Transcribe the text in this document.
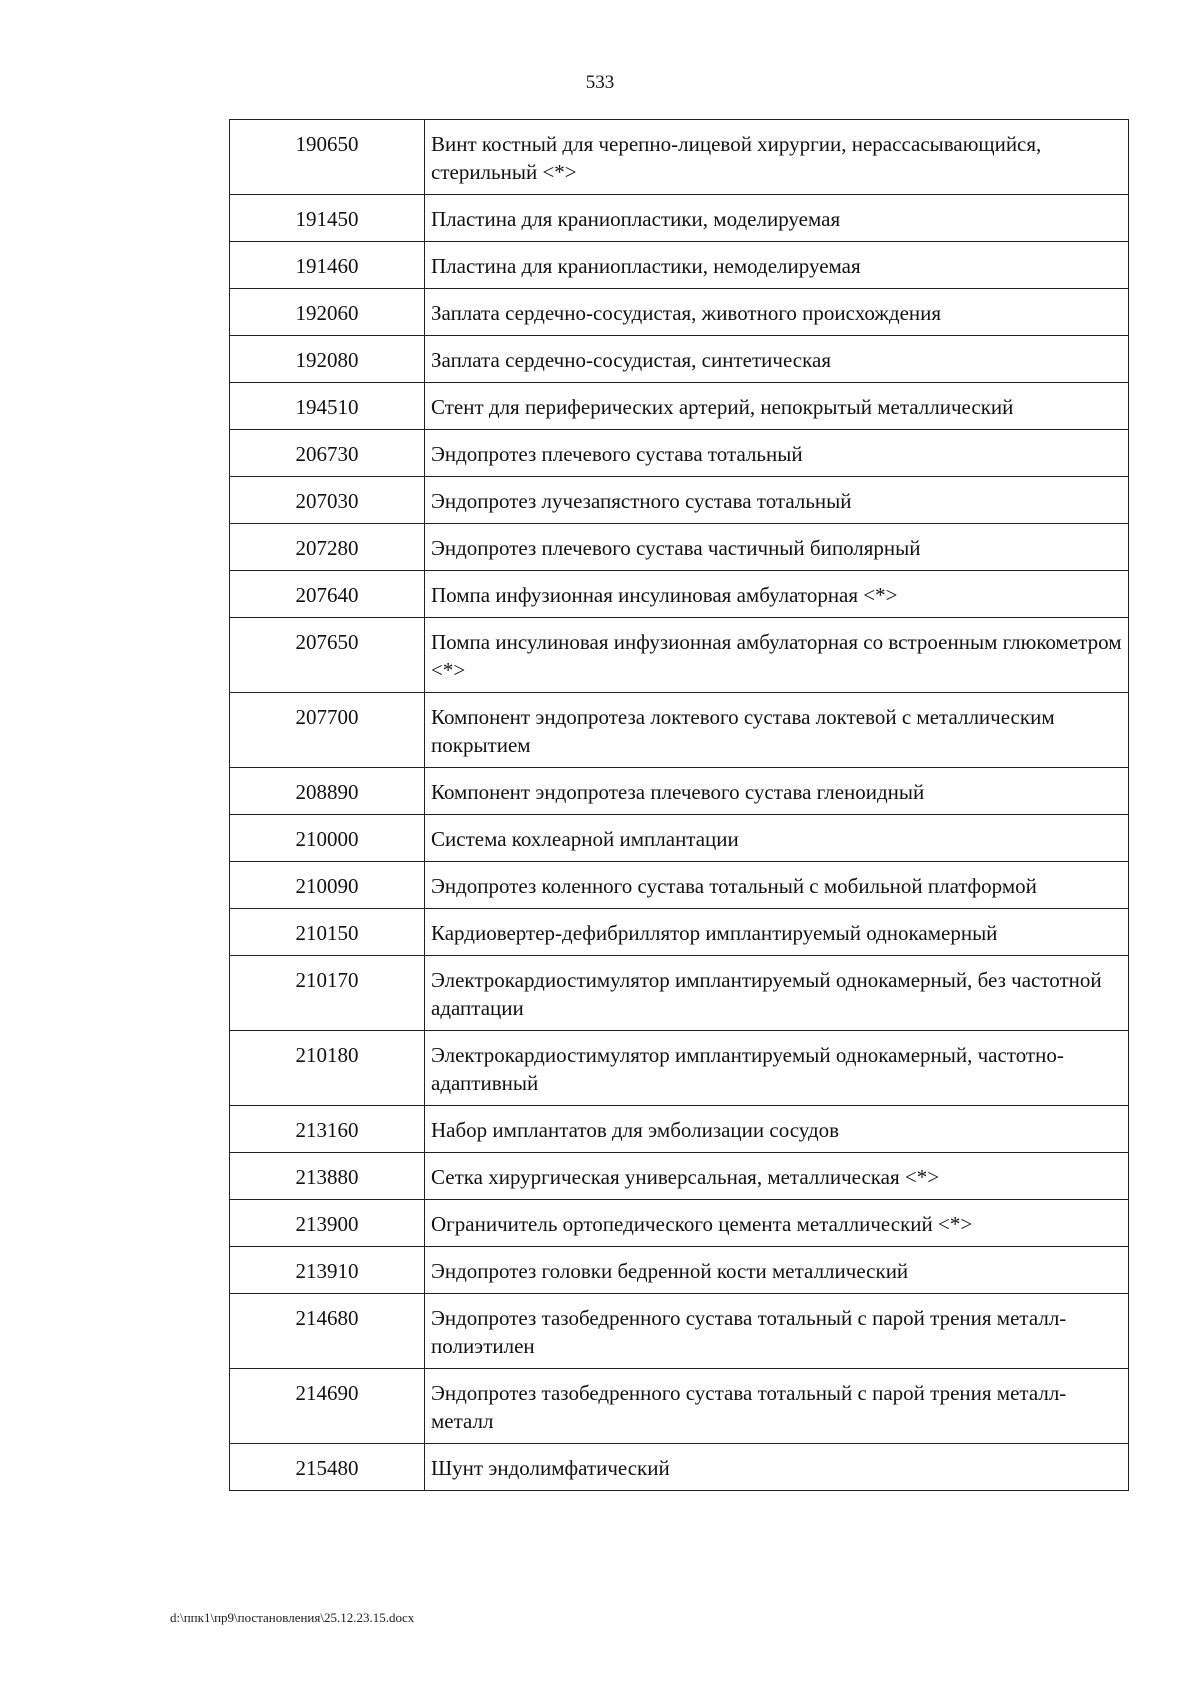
533
190650	Винт костный для черепно-лицевой хирургии, нерассасывающийся, стерильный <*>
191450	Пластина для краниопластики, моделируемая
191460	Пластина для краниопластики, немоделируемая
192060	Заплата сердечно-сосудистая, животного происхождения
192080	Заплата сердечно-сосудистая, синтетическая
194510	Стент для периферических артерий, непокрытый металлический
206730	Эндопротез плечевого сустава тотальный
207030	Эндопротез лучезапястного сустава тотальный
207280	Эндопротез плечевого сустава частичный биполярный
207640	Помпа инфузионная инсулиновая амбулаторная <*>
207650	Помпа инсулиновая инфузионная амбулаторная со встроенным глюкометром <*>
207700	Компонент эндопротеза локтевого сустава локтевой с металлическим покрытием
208890	Компонент эндопротеза плечевого сустава гленоидный
210000	Система кохлеарной имплантации
210090	Эндопротез коленного сустава тотальный с мобильной платформой
210150	Кардиовертер-дефибриллятор имплантируемый однокамерный
210170	Электрокардиостимулятор имплантируемый однокамерный, без частотной адаптации
210180	Электрокардиостимулятор имплантируемый однокамерный, частотно-адаптивный
213160	Набор имплантатов для эмболизации сосудов
213880	Сетка хирургическая универсальная, металлическая <*>
213900	Ограничитель ортопедического цемента металлический <*>
213910	Эндопротез головки бедренной кости металлический
214680	Эндопротез тазобедренного сустава тотальный с парой трения металл-полиэтилен
214690	Эндопротез тазобедренного сустава тотальный с парой трения металл-металл
215480	Шунт эндолимфатический
d:\ппк1\пр9\постановления\25.12.23.15.docx
